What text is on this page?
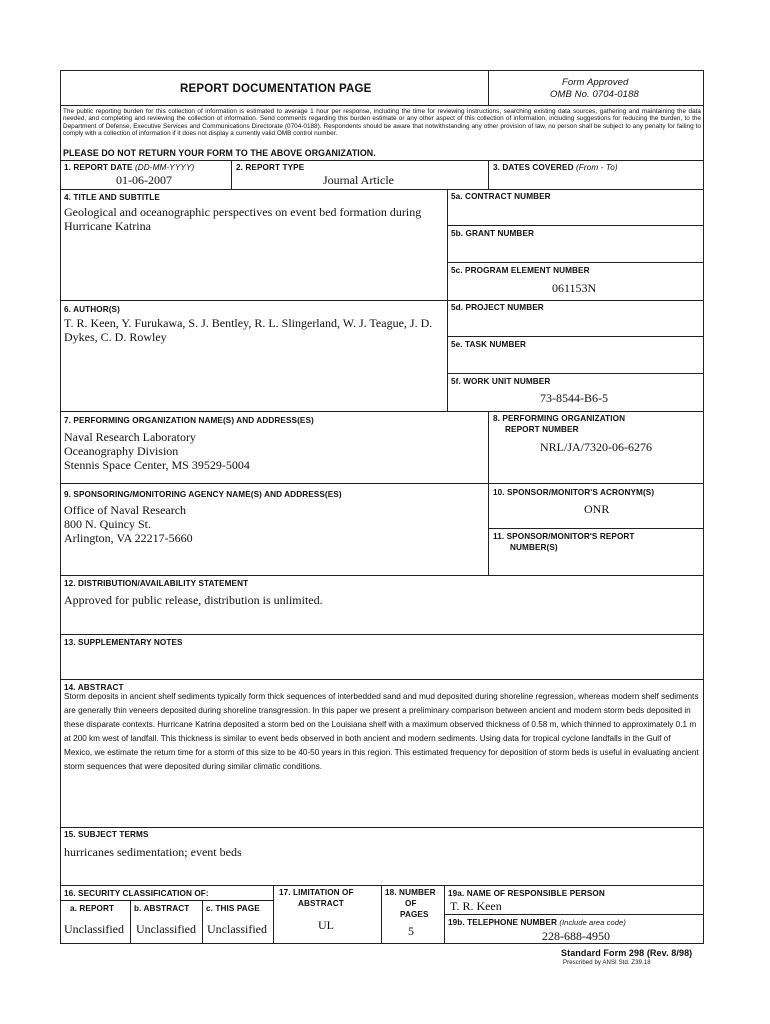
REPORT DOCUMENTATION PAGE
Form Approved
OMB No. 0704-0188
The public reporting burden for this collection of information is estimated to average 1 hour per response, including the time for reviewing instructions, searching existing data sources, gathering and maintaining the data needed, and completing and reviewing the collection of information. Send comments regarding this burden estimate or any other aspect of this collection of information, including suggestions for reducing the burden, to the Department of Defense, Executive Services and Communications Directorate (0704-0188). Respondents should be aware that notwithstanding any other provision of law, no person shall be subject to any penalty for failing to comply with a collection of information if it does not display a currently valid OMB control number.
PLEASE DO NOT RETURN YOUR FORM TO THE ABOVE ORGANIZATION.
1. REPORT DATE (DD-MM-YYYY)
01-06-2007
2. REPORT TYPE
Journal Article
3. DATES COVERED (From - To)
4. TITLE AND SUBTITLE
Geological and oceanographic perspectives on event bed formation during Hurricane Katrina
5a. CONTRACT NUMBER
5b. GRANT NUMBER
5c. PROGRAM ELEMENT NUMBER
061153N
6. AUTHOR(S)
T. R. Keen, Y. Furukawa, S. J. Bentley, R. L. Slingerland, W. J. Teague, J. D. Dykes, C. D. Rowley
5d. PROJECT NUMBER
5e. TASK NUMBER
5f. WORK UNIT NUMBER
73-8544-B6-5
7. PERFORMING ORGANIZATION NAME(S) AND ADDRESS(ES)
Naval Research Laboratory
Oceanography Division
Stennis Space Center, MS 39529-5004
8. PERFORMING ORGANIZATION
REPORT NUMBER
NRL/JA/7320-06-6276
9. SPONSORING/MONITORING AGENCY NAME(S) AND ADDRESS(ES)
Office of Naval Research
800 N. Quincy St.
Arlington, VA 22217-5660
10. SPONSOR/MONITOR'S ACRONYM(S)
ONR
11. SPONSOR/MONITOR'S REPORT
NUMBER(S)
12. DISTRIBUTION/AVAILABILITY STATEMENT
Approved for public release, distribution is unlimited.
13. SUPPLEMENTARY NOTES
14. ABSTRACT
Storm deposits in ancient shelf sediments typically form thick sequences of interbedded sand and mud deposited during shoreline regression, whereas modern shelf sediments are generally thin veneers deposited during shoreline transgression. In this paper we present a preliminary comparison between ancient and modern storm beds deposited in these disparate contexts. Hurricane Katrina deposited a storm bed on the Louisiana shelf with a maximum observed thickness of 0.58 m, which thinned to approximately 0.1 m at 200 km west of landfall. This thickness is similar to event beds observed in both ancient and modern sediments. Using data for tropical cyclone landfalls in the Gulf of Mexico, we estimate the return time for a storm of this size to be 40-50 years in this region. This estimated frequency for deposition of storm beds is useful in evaluating ancient storm sequences that were deposited during similar climatic conditions.
15. SUBJECT TERMS
hurricanes sedimentation; event beds
16. SECURITY CLASSIFICATION OF:
a. REPORT b. ABSTRACT c. THIS PAGE
Unclassified Unclassified Unclassified
17. LIMITATION OF
ABSTRACT
UL
18. NUMBER
OF
PAGES
5
19a. NAME OF RESPONSIBLE PERSON
T. R. Keen
19b. TELEPHONE NUMBER (Include area code)
228-688-4950
Standard Form 298 (Rev. 8/98)
Prescribed by ANSI Std. Z39.18
